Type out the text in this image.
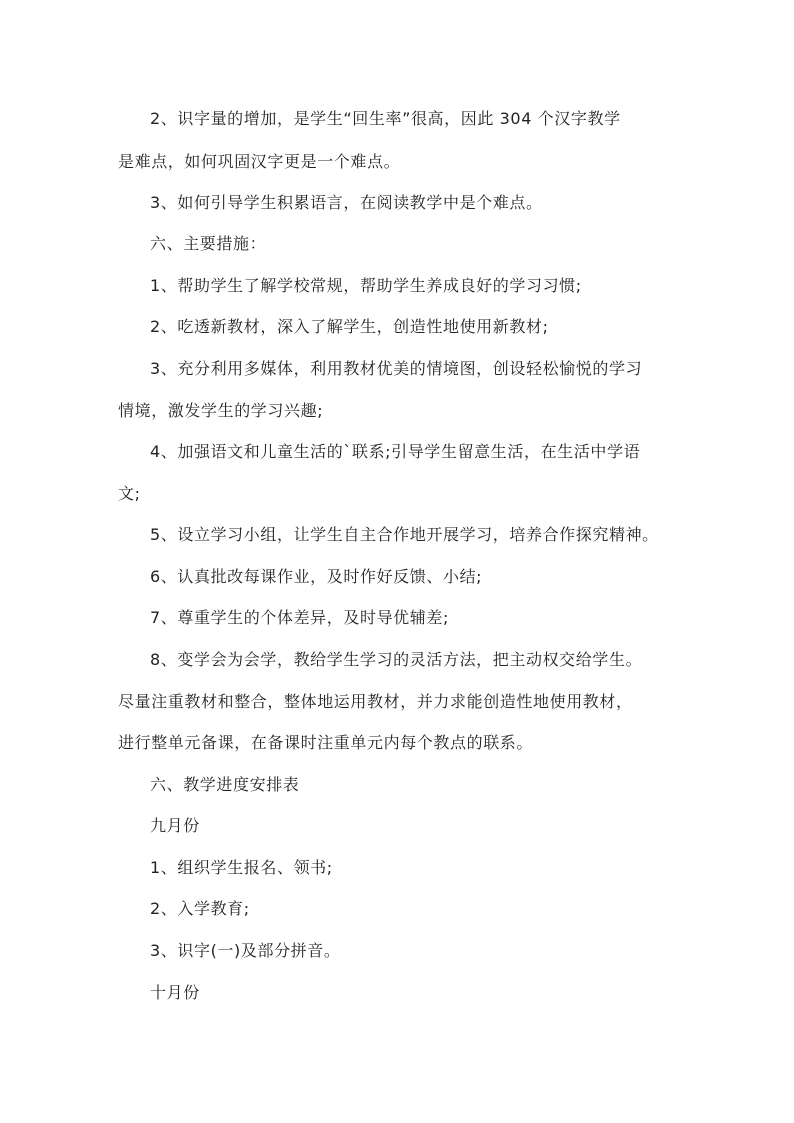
2、识字量的增加，是学生“回生率”很高，因此 304 个汉字教学
是难点，如何巩固汉字更是一个难点。
3、如何引导学生积累语言，在阅读教学中是个难点。
六、主要措施：
1、帮助学生了解学校常规，帮助学生养成良好的学习习惯;
2、吃透新教材，深入了解学生，创造性地使用新教材;
3、充分利用多媒体，利用教材优美的情境图，创设轻松愉悦的学习
情境，激发学生的学习兴趣;
4、加强语文和儿童生活的`联系;引导学生留意生活，在生活中学语
文;
5、设立学习小组，让学生自主合作地开展学习，培养合作探究精神。
6、认真批改每课作业，及时作好反馈、小结;
7、尊重学生的个体差异，及时导优辅差;
8、变学会为会学，教给学生学习的灵活方法，把主动权交给学生。
尽量注重教材和整合，整体地运用教材，并力求能创造性地使用教材，
进行整单元备课，在备课时注重单元内每个教点的联系。
六、教学进度安排表
九月份
1、组织学生报名、领书;
2、入学教育;
3、识字(一)及部分拼音。
十月份
